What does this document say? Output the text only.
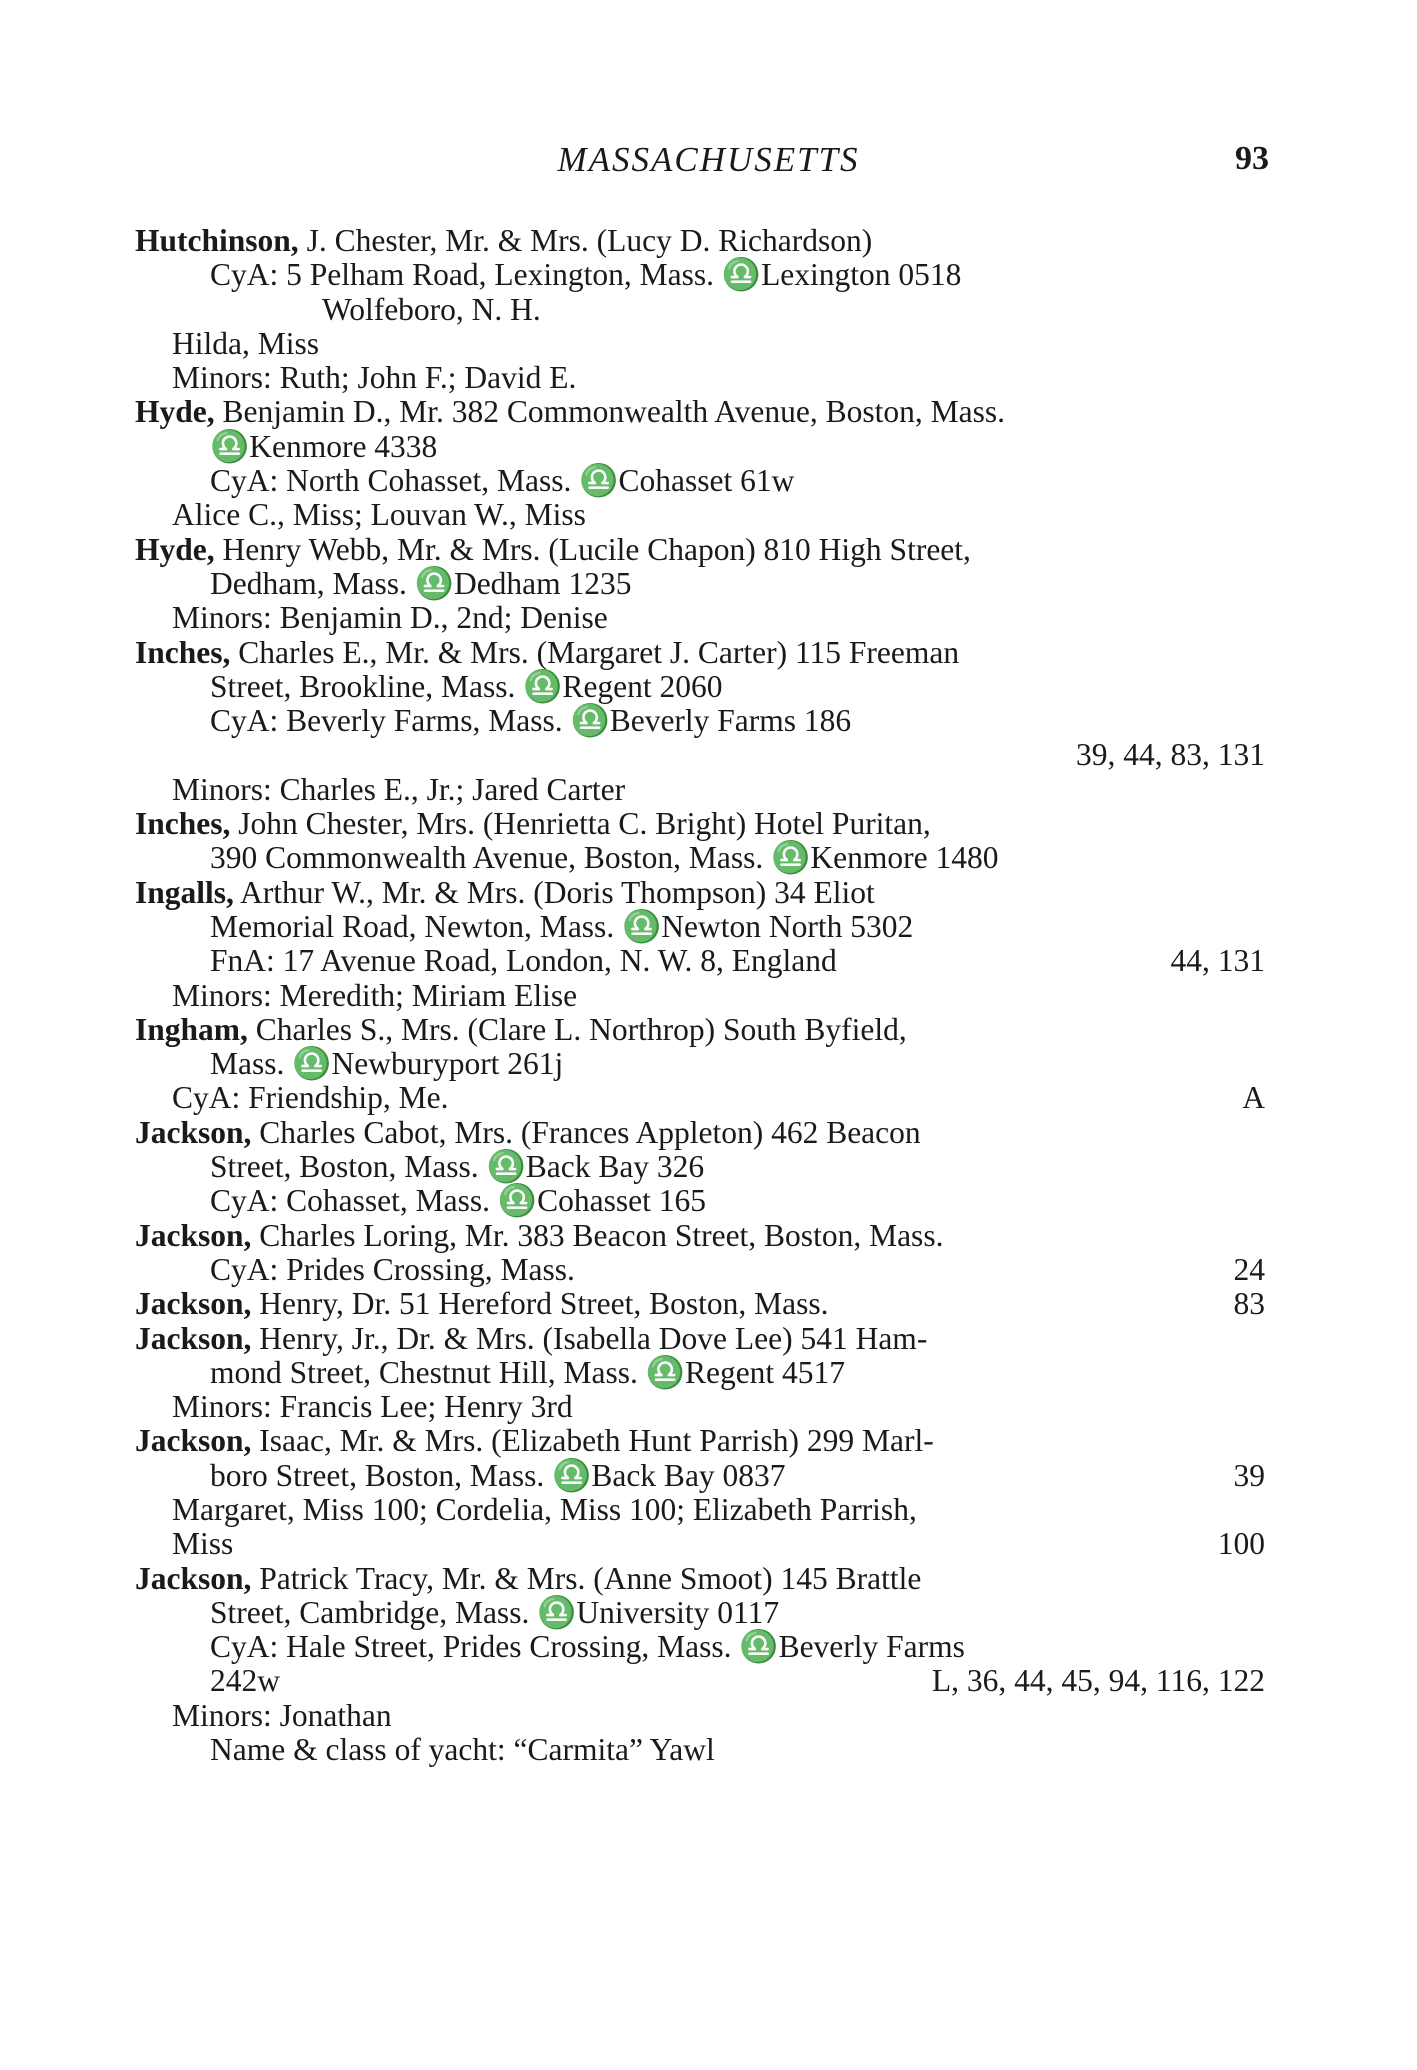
MASSACHUSETTS	93
Hutchinson, J. Chester, Mr. & Mrs. (Lucy D. Richardson)
CyA: 5 Pelham Road, Lexington, Mass. ♎Lexington 0518
Wolfeboro, N. H.
Hilda, Miss
Minors: Ruth; John F.; David E.
Hyde, Benjamin D., Mr. 382 Commonwealth Avenue, Boston, Mass.
♎Kenmore 4338
CyA: North Cohasset, Mass. ♎Cohasset 61w
Alice C., Miss; Louvan W., Miss
Hyde, Henry Webb, Mr. & Mrs. (Lucile Chapon) 810 High Street,
Dedham, Mass. ♎Dedham 1235
Minors: Benjamin D., 2nd; Denise
Inches, Charles E., Mr. & Mrs. (Margaret J. Carter) 115 Freeman
Street, Brookline, Mass. ♎Regent 2060
CyA: Beverly Farms, Mass. ♎Beverly Farms 186
39, 44, 83, 131
Minors: Charles E., Jr.; Jared Carter
Inches, John Chester, Mrs. (Henrietta C. Bright) Hotel Puritan,
390 Commonwealth Avenue, Boston, Mass. ♎Kenmore 1480
Ingalls, Arthur W., Mr. & Mrs. (Doris Thompson) 34 Eliot
Memorial Road, Newton, Mass. ♎Newton North 5302
FnA: 17 Avenue Road, London, N. W. 8, England	44, 131
Minors: Meredith; Miriam Elise
Ingham, Charles S., Mrs. (Clare L. Northrop) South Byfield,
Mass. ♎Newburyport 261j
CyA: Friendship, Me.	A
Jackson, Charles Cabot, Mrs. (Frances Appleton) 462 Beacon
Street, Boston, Mass. ♎Back Bay 326
CyA: Cohasset, Mass. ♎Cohasset 165
Jackson, Charles Loring, Mr. 383 Beacon Street, Boston, Mass.
CyA: Prides Crossing, Mass.	24
Jackson, Henry, Dr. 51 Hereford Street, Boston, Mass.	83
Jackson, Henry, Jr., Dr. & Mrs. (Isabella Dove Lee) 541 Ham-
mond Street, Chestnut Hill, Mass. ♎Regent 4517
Minors: Francis Lee; Henry 3rd
Jackson, Isaac, Mr. & Mrs. (Elizabeth Hunt Parrish) 299 Marl-
boro Street, Boston, Mass. ♎Back Bay 0837	39
Margaret, Miss 100; Cordelia, Miss 100; Elizabeth Parrish,
Miss	100
Jackson, Patrick Tracy, Mr. & Mrs. (Anne Smoot) 145 Brattle
Street, Cambridge, Mass. ♎University 0117
CyA: Hale Street, Prides Crossing, Mass. ♎Beverly Farms
242w	L, 36, 44, 45, 94, 116, 122
Minors: Jonathan
Name & class of yacht: “Carmita” Yawl
